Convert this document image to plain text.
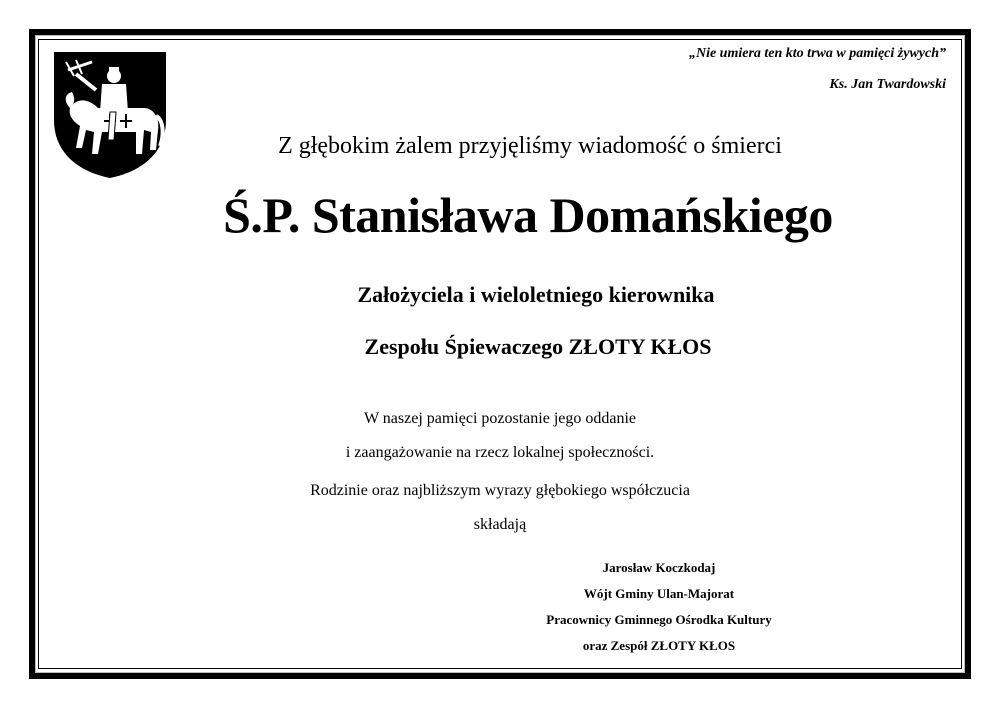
„Nie umiera ten kto trwa w pamięci żywych”
Ks. Jan Twardowski
Z głębokim żalem przyjęliśmy wiadomość o śmierci
Ś.P. Stanisława Domańskiego
Założyciela i wieloletniego kierownika
Zespołu Śpiewaczego ZŁOTY KŁOS
W naszej pamięci pozostanie jego oddanie
i zaangażowanie na rzecz lokalnej społeczności.
Rodzinie oraz najbliższym wyrazy głębokiego współczucia
składają
Jarosław Koczkodaj
Wójt Gminy Ulan-Majorat
Pracownicy Gminnego Ośrodka Kultury
oraz Zespół ZŁOTY KŁOS
